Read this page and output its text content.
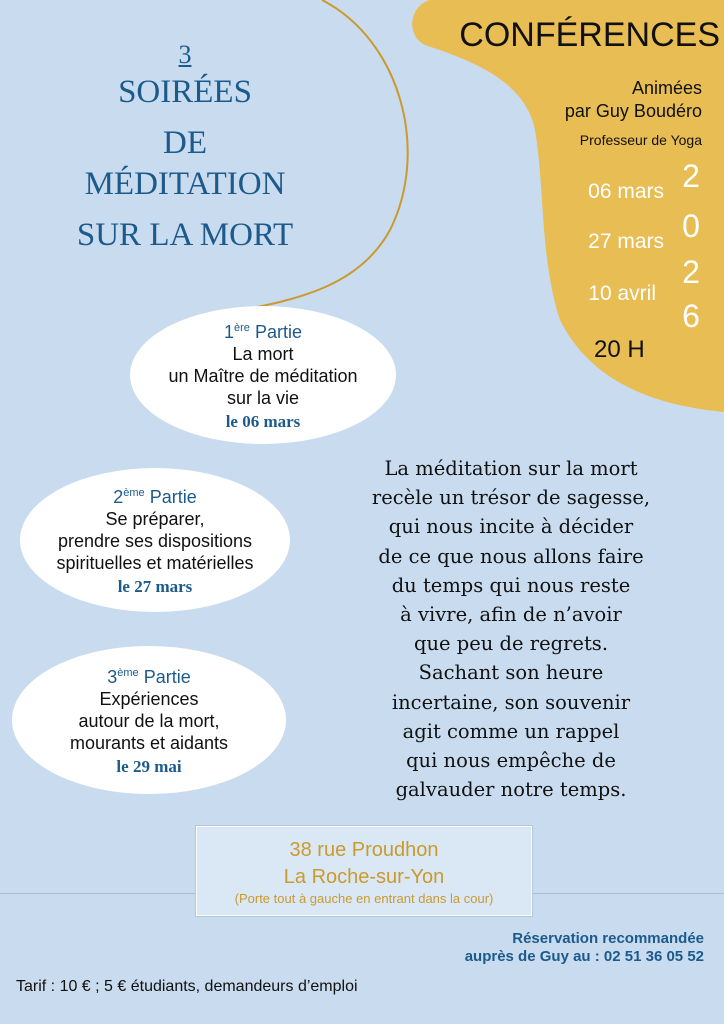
3
SOIRÉES
DE
MÉDITATION
SUR LA MORT
CONFÉRENCES
Animées
par Guy Boudéro
Professeur de Yoga
06 mars
27 mars
10 avril
2
0
2
6
20 H
1ère Partie
La mort
un Maître de méditation
sur la vie
le 06 mars
2ème Partie
Se préparer,
prendre ses dispositions
spirituelles et matérielles
le 27 mars
3ème Partie
Expériences
autour de la mort,
mourants et aidants
le 29 mai
La méditation sur la mort
recèle un trésor de sagesse,
qui nous incite à décider
de ce que nous allons faire
du temps qui nous reste
à vivre, afin de n’avoir
que peu de regrets.
Sachant son heure
incertaine, son souvenir
agit comme un rappel
qui nous empêche de
galvauder notre temps.
38 rue Proudhon
La Roche-sur-Yon
(Porte tout à gauche en entrant dans la cour)
Réservation recommandée
auprès de Guy au : 02 51 36 05 52
Tarif : 10 € ; 5 € étudiants, demandeurs d’emploi
